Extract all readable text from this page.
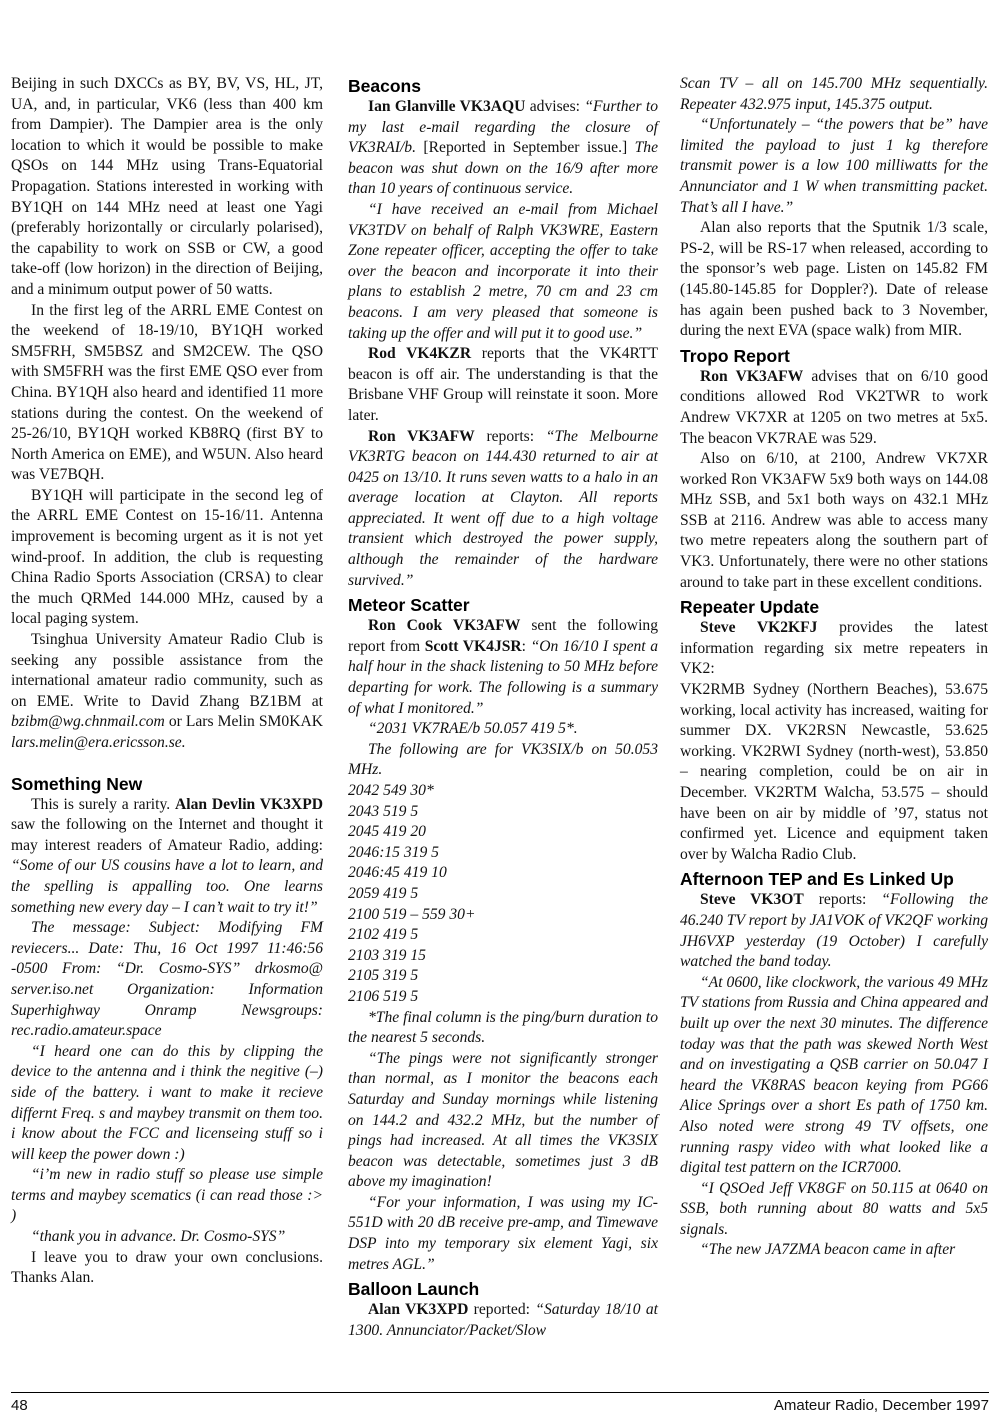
Beijing in such DXCCs as BY, BV, VS, HL, JT, UA, and, in particular, VK6 (less than 400 km from Dampier). The Dampier area is the only location to which it would be possible to make QSOs on 144 MHz using Trans-Equatorial Propagation. Stations interested in working with BY1QH on 144 MHz need at least one Yagi (preferably horizontally or circularly polarised), the capability to work on SSB or CW, a good take-off (low horizon) in the direction of Beijing, and a minimum output power of 50 watts.

In the first leg of the ARRL EME Contest on the weekend of 18-19/10, BY1QH worked SM5FRH, SM5BSZ and SM2CEW. The QSO with SM5FRH was the first EME QSO ever from China. BY1QH also heard and identified 11 more stations during the contest. On the weekend of 25-26/10, BY1QH worked KB8RQ (first BY to North America on EME), and W5UN. Also heard was VE7BQH.

BY1QH will participate in the second leg of the ARRL EME Contest on 15-16/11. Antenna improvement is becoming urgent as it is not yet wind-proof. In addition, the club is requesting China Radio Sports Association (CRSA) to clear the much QRMed 144.000 MHz, caused by a local paging system.

Tsinghua University Amateur Radio Club is seeking any possible assistance from the international amateur radio community, such as on EME. Write to David Zhang BZ1BM at bzibm@wg.chnmail.com or Lars Melin SM0KAK lars.melin@era.ericsson.se.

Something New

This is surely a rarity. Alan Devlin VK3XPD saw the following on the Internet and thought it may interest readers of Amateur Radio, adding: “Some of our US cousins have a lot to learn, and the spelling is appalling too. One learns something new every day – I can’t wait to try it!”

The message: Subject: Modifying FM reviecers... Date: Thu, 16 Oct 1997 11:46:56 -0500 From: “Dr. Cosmo-SYS” drkosmo@ server.iso.net Organization: Information Superhighway Onramp Newsgroups: rec.radio.amateur.space

“I heard one can do this by clipping the device to the antenna and i think the negitive (–) side of the battery. i want to make it recieve differnt Freq. s and maybey transmit on them too. i know about the FCC and licenseing stuff so i will keep the power down :)

“i’m new in radio stuff so please use simple terms and maybey scematics (i can read those :> )

“thank you in advance. Dr. Cosmo-SYS”

I leave you to draw your own conclusions. Thanks Alan.

Beacons

Ian Glanville VK3AQU advises: “Further to my last e-mail regarding the closure of VK3RAI/b. [Reported in September issue.] The beacon was shut down on the 16/9 after more than 10 years of continuous service.

“I have received an e-mail from Michael VK3TDV on behalf of Ralph VK3WRE, Eastern Zone repeater officer, accepting the offer to take over the beacon and incorporate it into their plans to establish 2 metre, 70 cm and 23 cm beacons. I am very pleased that someone is taking up the offer and will put it to good use.”

Rod VK4KZR reports that the VK4RTT beacon is off air. The understanding is that the Brisbane VHF Group will reinstate it soon. More later.

Ron VK3AFW reports: “The Melbourne VK3RTG beacon on 144.430 returned to air at 0425 on 13/10. It runs seven watts to a halo in an average location at Clayton. All reports appreciated. It went off due to a high voltage transient which destroyed the power supply, although the remainder of the hardware survived.”

Meteor Scatter

Ron Cook VK3AFW sent the following report from Scott VK4JSR: “On 16/10 I spent a half hour in the shack listening to 50 MHz before departing for work. The following is a summary of what I monitored.”

“2031 VK7RAE/b 50.057 419 5*.

The following are for VK3SIX/b on 50.053 MHz.

2042 549 30*

2043 519 5

2045 419 20

2046:15 319 5

2046:45 419 10

2059 419 5

2100 519 – 559 30+

2102 419 5

2103 319 15

2105 319 5

2106 519 5

*The final column is the ping/burn duration to the nearest 5 seconds.

“The pings were not significantly stronger than normal, as I monitor the beacons each Saturday and Sunday mornings while listening on 144.2 and 432.2 MHz, but the number of pings had increased. At all times the VK3SIX beacon was detectable, sometimes just 3 dB above my imagination!

“For your information, I was using my IC-551D with 20 dB receive pre-amp, and Timewave DSP into my temporary six element Yagi, six metres AGL.”

Balloon Launch

Alan VK3XPD reported: “Saturday 18/10 at 1300. Annunciator/Packet/Slow

Scan TV – all on 145.700 MHz sequentially. Repeater 432.975 input, 145.375 output.

“Unfortunately – “the powers that be” have limited the payload to just 1 kg therefore transmit power is a low 100 milliwatts for the Annunciator and 1 W when transmitting packet. That’s all I have.”

Alan also reports that the Sputnik 1/3 scale, PS-2, will be RS-17 when released, according to the sponsor’s web page. Listen on 145.82 FM (145.80-145.85 for Doppler?). Date of release has again been pushed back to 3 November, during the next EVA (space walk) from MIR.

Tropo Report

Ron VK3AFW advises that on 6/10 good conditions allowed Rod VK2TWR to work Andrew VK7XR at 1205 on two metres at 5x5. The beacon VK7RAE was 529.

Also on 6/10, at 2100, Andrew VK7XR worked Ron VK3AFW 5x9 both ways on 144.08 MHz SSB, and 5x1 both ways on 432.1 MHz SSB at 2116. Andrew was able to access many two metre repeaters along the southern part of VK3. Unfortunately, there were no other stations around to take part in these excellent conditions.

Repeater Update

Steve VK2KFJ provides the latest information regarding six metre repeaters in VK2:

VK2RMB Sydney (Northern Beaches), 53.675 working, local activity has increased, waiting for summer DX. VK2RSN Newcastle, 53.625 working. VK2RWI Sydney (north-west), 53.850 – nearing completion, could be on air in December. VK2RTM Walcha, 53.575 – should have been on air by middle of ’97, status not confirmed yet. Licence and equipment taken over by Walcha Radio Club.

Afternoon TEP and Es Linked Up

Steve VK3OT reports: “Following the 46.240 TV report by JA1VOK of VK2QF working JH6VXP yesterday (19 October) I carefully watched the band today.

“At 0600, like clockwork, the various 49 MHz TV stations from Russia and China appeared and built up over the next 30 minutes. The difference today was that the path was skewed North West and on investigating a QSB carrier on 50.047 I heard the VK8RAS beacon keying from PG66 Alice Springs over a short Es path of 1750 km. Also noted were strong 49 TV offsets, one running raspy video with what looked like a digital test pattern on the ICR7000.

“I QSOed Jeff VK8GF on 50.115 at 0640 on SSB, both running about 80 watts and 5x5 signals.

“The new JA7ZMA beacon came in after

48	Amateur Radio, December 1997
